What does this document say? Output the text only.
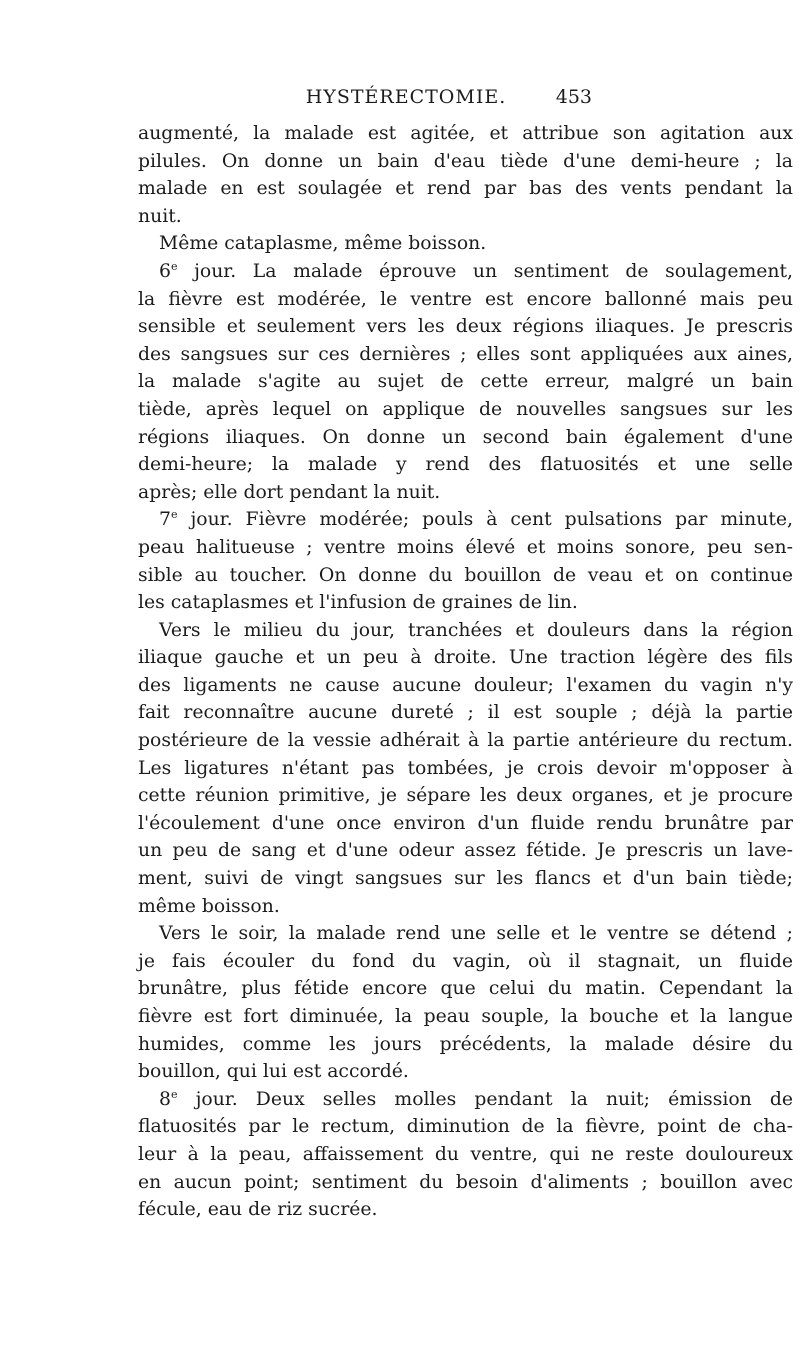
HYSTÉRECTOMIE.	453
augmenté, la malade est agitée, et attribue son agitation aux
pilules. On donne un bain d'eau tiède d'une demi-heure ; la
malade en est soulagée et rend par bas des vents pendant la
nuit.
Même cataplasme, même boisson.
6e jour. La malade éprouve un sentiment de soulagement,
la fièvre est modérée, le ventre est encore ballonné mais peu
sensible et seulement vers les deux régions iliaques. Je prescris
des sangsues sur ces dernières ; elles sont appliquées aux aines,
la malade s'agite au sujet de cette erreur, malgré un bain
tiède, après lequel on applique de nouvelles sangsues sur les
régions iliaques. On donne un second bain également d'une
demi-heure; la malade y rend des flatuosités et une selle
après; elle dort pendant la nuit.
7e jour. Fièvre modérée; pouls à cent pulsations par minute,
peau halitueuse ; ventre moins élevé et moins sonore, peu sen-
sible au toucher. On donne du bouillon de veau et on continue
les cataplasmes et l'infusion de graines de lin.
Vers le milieu du jour, tranchées et douleurs dans la région
iliaque gauche et un peu à droite. Une traction légère des fils
des ligaments ne cause aucune douleur; l'examen du vagin n'y
fait reconnaître aucune dureté ; il est souple ; déjà la partie
postérieure de la vessie adhérait à la partie antérieure du rectum.
Les ligatures n'étant pas tombées, je crois devoir m'opposer à
cette réunion primitive, je sépare les deux organes, et je procure
l'écoulement d'une once environ d'un fluide rendu brunâtre par
un peu de sang et d'une odeur assez fétide. Je prescris un lave-
ment, suivi de vingt sangsues sur les flancs et d'un bain tiède;
même boisson.
Vers le soir, la malade rend une selle et le ventre se détend ;
je fais écouler du fond du vagin, où il stagnait, un fluide
brunâtre, plus fétide encore que celui du matin. Cependant la
fièvre est fort diminuée, la peau souple, la bouche et la langue
humides, comme les jours précédents, la malade désire du
bouillon, qui lui est accordé.
8e jour. Deux selles molles pendant la nuit; émission de
flatuosités par le rectum, diminution de la fièvre, point de cha-
leur à la peau, affaissement du ventre, qui ne reste douloureux
en aucun point; sentiment du besoin d'aliments ; bouillon avec
fécule, eau de riz sucrée.
